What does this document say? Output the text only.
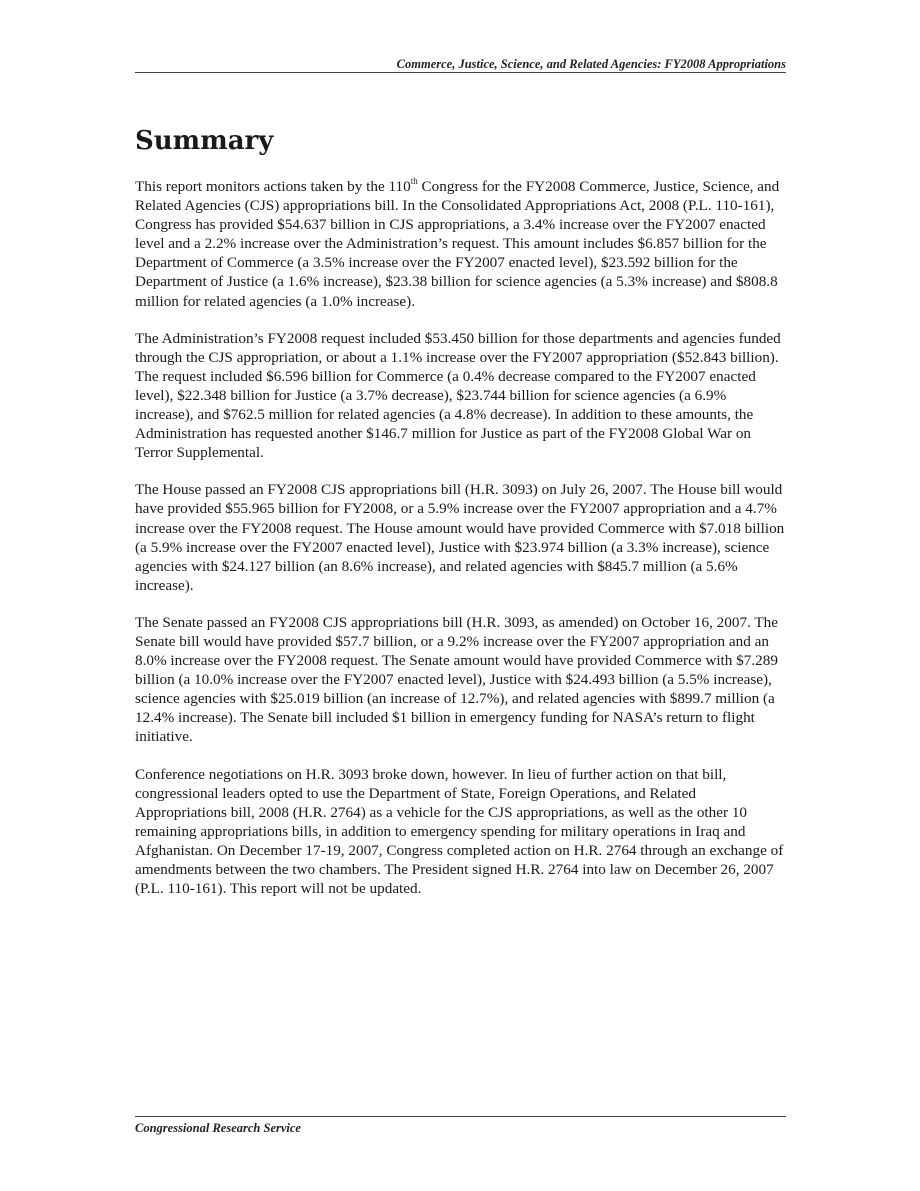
Commerce, Justice, Science, and Related Agencies: FY2008 Appropriations
Summary

This report monitors actions taken by the 110th Congress for the FY2008 Commerce, Justice, Science, and Related Agencies (CJS) appropriations bill. In the Consolidated Appropriations Act, 2008 (P.L. 110-161), Congress has provided $54.637 billion in CJS appropriations, a 3.4% increase over the FY2007 enacted level and a 2.2% increase over the Administration’s request. This amount includes $6.857 billion for the Department of Commerce (a 3.5% increase over the FY2007 enacted level), $23.592 billion for the Department of Justice (a 1.6% increase), $23.38 billion for science agencies (a 5.3% increase) and $808.8 million for related agencies (a 1.0% increase).

The Administration’s FY2008 request included $53.450 billion for those departments and agencies funded through the CJS appropriation, or about a 1.1% increase over the FY2007 appropriation ($52.843 billion). The request included $6.596 billion for Commerce (a 0.4% decrease compared to the FY2007 enacted level), $22.348 billion for Justice (a 3.7% decrease), $23.744 billion for science agencies (a 6.9% increase), and $762.5 million for related agencies (a 4.8% decrease). In addition to these amounts, the Administration has requested another $146.7 million for Justice as part of the FY2008 Global War on Terror Supplemental.

The House passed an FY2008 CJS appropriations bill (H.R. 3093) on July 26, 2007. The House bill would have provided $55.965 billion for FY2008, or a 5.9% increase over the FY2007 appropriation and a 4.7% increase over the FY2008 request. The House amount would have provided Commerce with $7.018 billion (a 5.9% increase over the FY2007 enacted level), Justice with $23.974 billion (a 3.3% increase), science agencies with $24.127 billion (an 8.6% increase), and related agencies with $845.7 million (a 5.6% increase).

The Senate passed an FY2008 CJS appropriations bill (H.R. 3093, as amended) on October 16, 2007. The Senate bill would have provided $57.7 billion, or a 9.2% increase over the FY2007 appropriation and an 8.0% increase over the FY2008 request. The Senate amount would have provided Commerce with $7.289 billion (a 10.0% increase over the FY2007 enacted level), Justice with $24.493 billion (a 5.5% increase), science agencies with $25.019 billion (an increase of 12.7%), and related agencies with $899.7 million (a 12.4% increase). The Senate bill included $1 billion in emergency funding for NASA’s return to flight initiative.

Conference negotiations on H.R. 3093 broke down, however. In lieu of further action on that bill, congressional leaders opted to use the Department of State, Foreign Operations, and Related Appropriations bill, 2008 (H.R. 2764) as a vehicle for the CJS appropriations, as well as the other 10 remaining appropriations bills, in addition to emergency spending for military operations in Iraq and Afghanistan. On December 17-19, 2007, Congress completed action on H.R. 2764 through an exchange of amendments between the two chambers. The President signed H.R. 2764 into law on December 26, 2007 (P.L. 110-161). This report will not be updated.

Congressional Research Service
